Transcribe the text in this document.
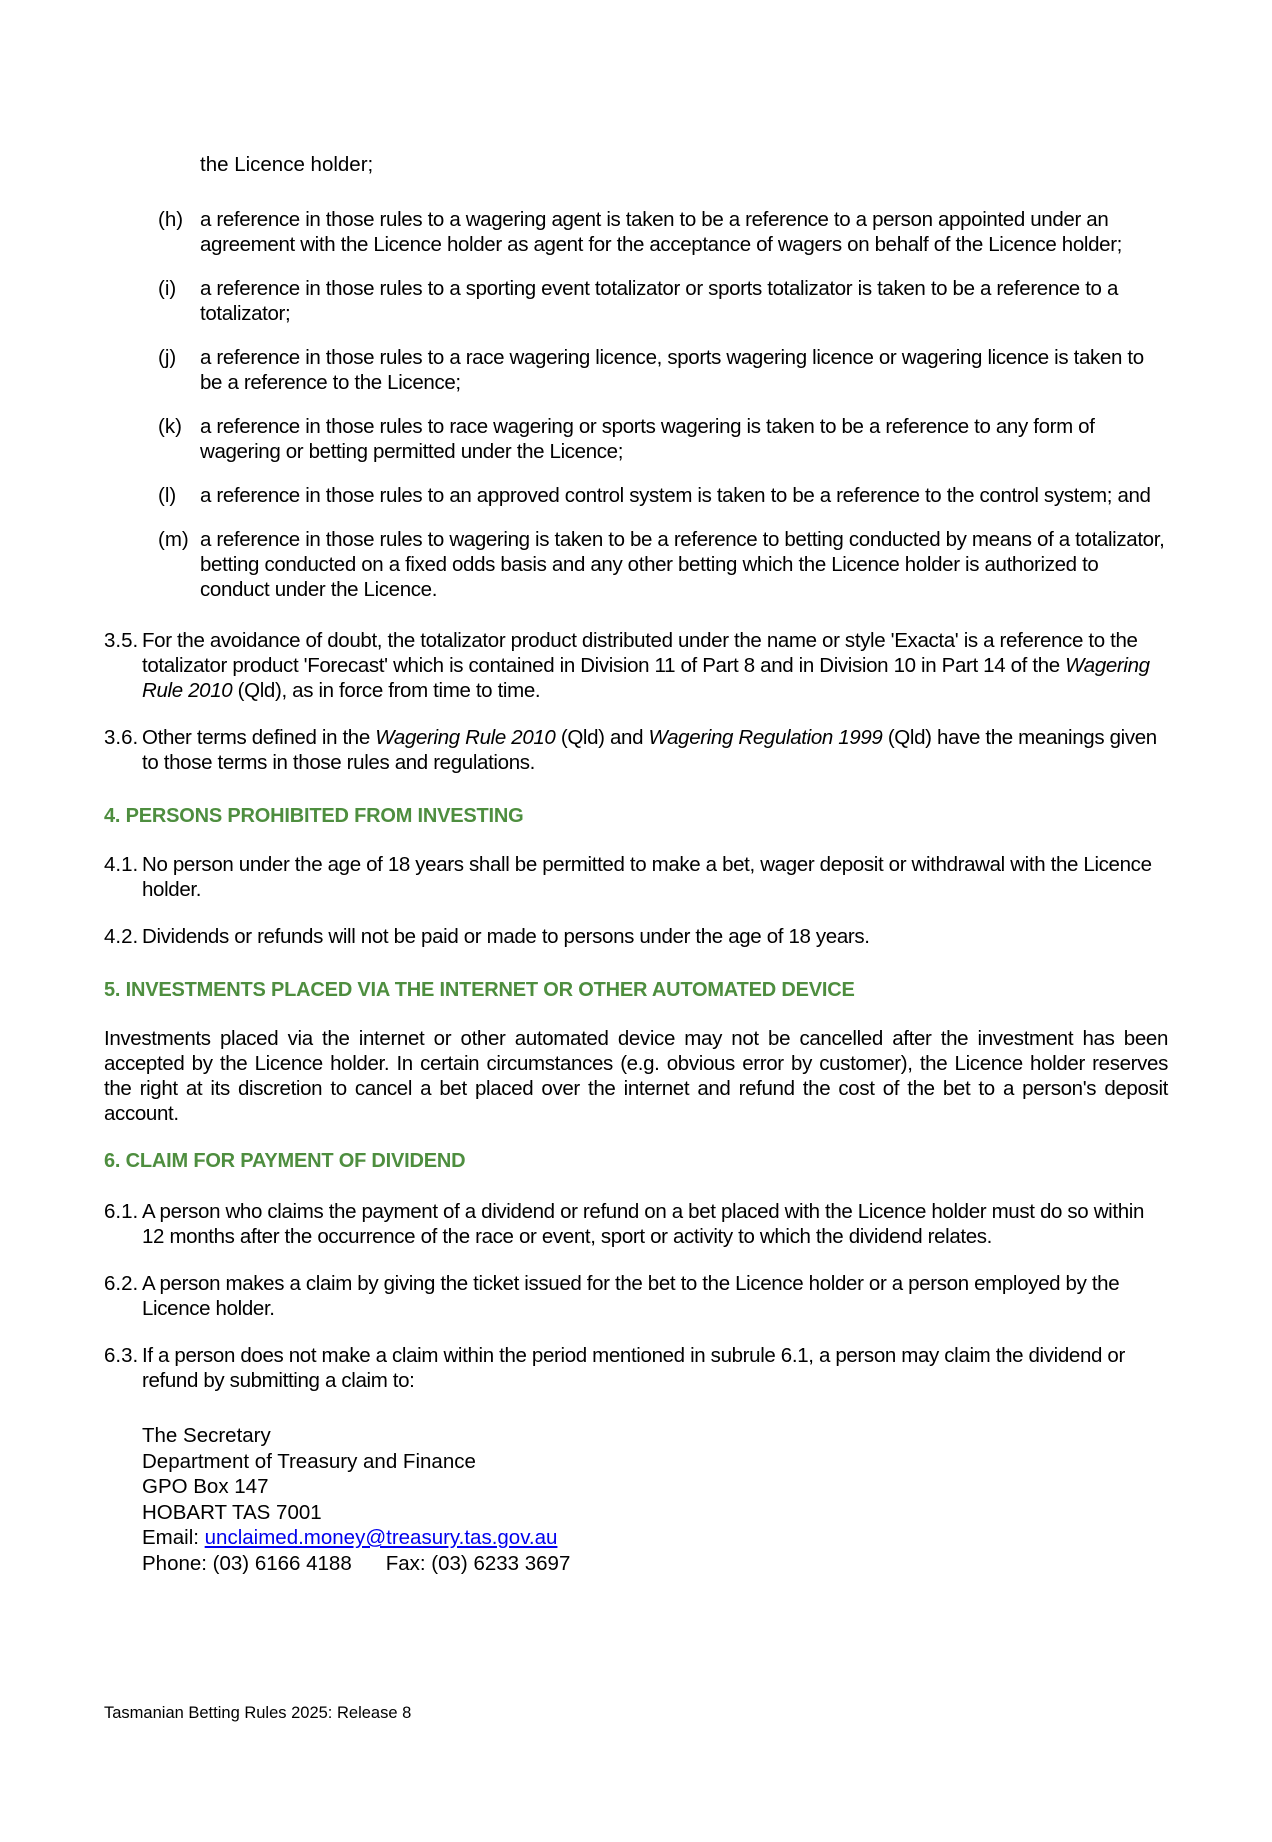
the Licence holder;
(h) a reference in those rules to a wagering agent is taken to be a reference to a person appointed under an agreement with the Licence holder as agent for the acceptance of wagers on behalf of the Licence holder;
(i)	a reference in those rules to a sporting event totalizator or sports totalizator is taken to be a reference to a totalizator;
(j)	a reference in those rules to a race wagering licence, sports wagering licence or wagering licence is taken to be a reference to the Licence;
(k) a reference in those rules to race wagering or sports wagering is taken to be a reference to any form of wagering or betting permitted under the Licence;
(l)	a reference in those rules to an approved control system is taken to be a reference to the control system; and
(m) a reference in those rules to wagering is taken to be a reference to betting conducted by means of a totalizator, betting conducted on a fixed odds basis and any other betting which the Licence holder is authorized to conduct under the Licence.
3.5. For the avoidance of doubt, the totalizator product distributed under the name or style 'Exacta' is a reference to the totalizator product 'Forecast' which is contained in Division 11 of Part 8 and in Division 10 in Part 14 of the Wagering Rule 2010 (Qld), as in force from time to time.
3.6. Other terms defined in the Wagering Rule 2010 (Qld) and Wagering Regulation 1999 (Qld) have the meanings given to those terms in those rules and regulations.
4. PERSONS PROHIBITED FROM INVESTING
4.1. No person under the age of 18 years shall be permitted to make a bet, wager deposit or withdrawal with the Licence holder.
4.2. Dividends or refunds will not be paid or made to persons under the age of 18 years.
5. INVESTMENTS PLACED VIA THE INTERNET OR OTHER AUTOMATED DEVICE
Investments placed via the internet or other automated device may not be cancelled after the investment has been accepted by the Licence holder. In certain circumstances (e.g. obvious error by customer), the Licence holder reserves the right at its discretion to cancel a bet placed over the internet and refund the cost of the bet to a person's deposit account.
6. CLAIM FOR PAYMENT OF DIVIDEND
6.1. A person who claims the payment of a dividend or refund on a bet placed with the Licence holder must do so within 12 months after the occurrence of the race or event, sport or activity to which the dividend relates.
6.2. A person makes a claim by giving the ticket issued for the bet to the Licence holder or a person employed by the Licence holder.
6.3. If a person does not make a claim within the period mentioned in subrule 6.1, a person may claim the dividend or refund by submitting a claim to:
The Secretary
Department of Treasury and Finance
GPO Box 147
HOBART TAS 7001
Email: unclaimed.money@treasury.tas.gov.au
Phone: (03) 6166 4188 Fax: (03) 6233 3697
Tasmanian Betting Rules 2025: Release 8
